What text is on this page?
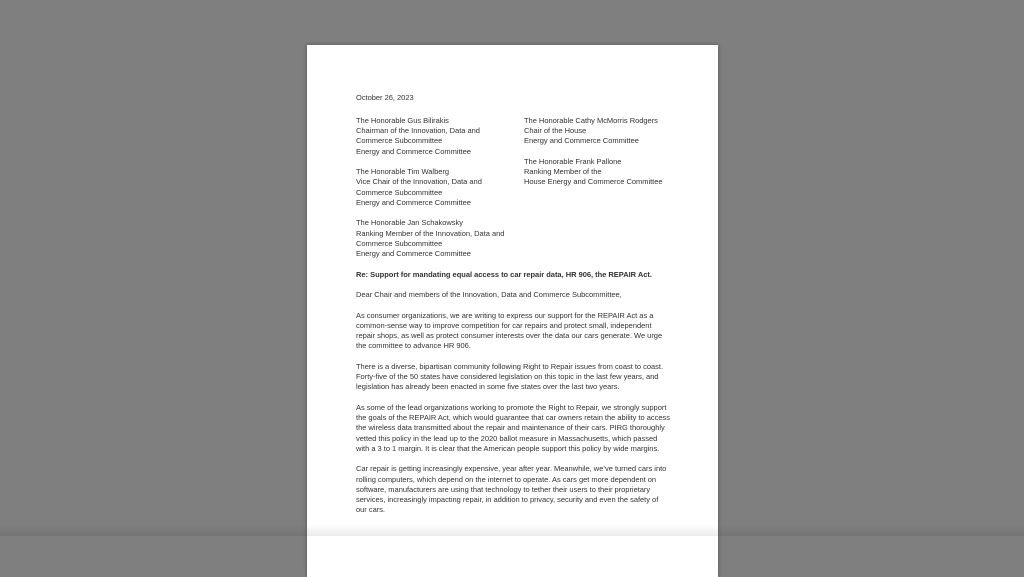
October 26, 2023
The Honorable Gus Bilirakis
Chairman of the Innovation, Data and
Commerce Subcommittee
Energy and Commerce Committee
The Honorable Tim Walberg
Vice Chair of the Innovation, Data and
Commerce Subcommittee
Energy and Commerce Committee
The Honorable Jan Schakowsky
Ranking Member of the Innovation, Data and
Commerce Subcommittee
Energy and Commerce Committee
The Honorable Cathy McMorris Rodgers
Chair of the House
Energy and Commerce Committee
The Honorable Frank Pallone
Ranking Member of the
House Energy and Commerce Committee
Re: Support for mandating equal access to car repair data, HR 906, the REPAIR Act.
Dear Chair and members of the Innovation, Data and Commerce Subcommittee,

As consumer organizations, we are writing to express our support for the REPAIR Act as a common-sense way to improve competition for car repairs and protect small, independent repair shops, as well as protect consumer interests over the data our cars generate. We urge the committee to advance HR 906.

There is a diverse, bipartisan community following Right to Repair issues from coast to coast. Forty-five of the 50 states have considered legislation on this topic in the last few years, and legislation has already been enacted in some five states over the last two years.

As some of the lead organizations working to promote the Right to Repair, we strongly support the goals of the REPAIR Act, which would guarantee that car owners retain the ability to access the wireless data transmitted about the repair and maintenance of their cars. PIRG thoroughly vetted this policy in the lead up to the 2020 ballot measure in Massachusetts, which passed with a 3 to 1 margin. It is clear that the American people support this policy by wide margins.

Car repair is getting increasingly expensive, year after year. Meanwhile, we’ve turned cars into rolling computers, which depend on the internet to operate. As cars get more dependent on software, manufacturers are using that technology to tether their users to their proprietary services, increasingly impacting repair, in addition to privacy, security and even the safety of our cars.
